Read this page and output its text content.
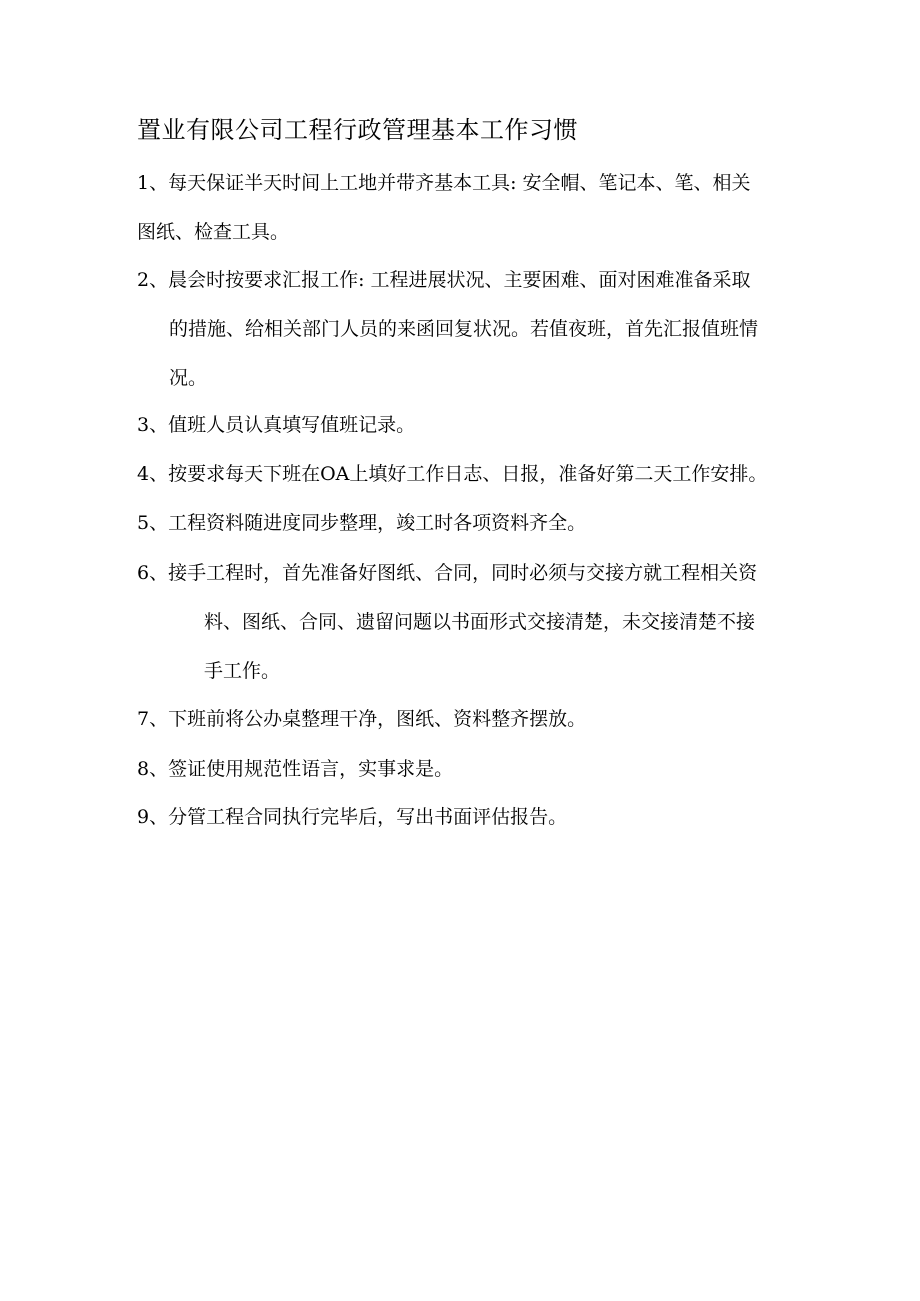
置业有限公司工程行政管理基本工作习惯
1、每天保证半天时间上工地并带齐基本工具: 安全帽、笔记本、笔、相关
图纸、检查工具。
2、晨会时按要求汇报工作: 工程进展状况、主要困难、面对困难准备采取
的措施、给相关部门人员的来函回复状况。若值夜班，首先汇报值班情
况。
3、值班人员认真填写值班记录。
4、按要求每天下班在OA上填好工作日志、日报，准备好第二天工作安排。
5、工程资料随进度同步整理，竣工时各项资料齐全。
6、接手工程时，首先准备好图纸、合同，同时必须与交接方就工程相关资
料、图纸、合同、遗留问题以书面形式交接清楚，未交接清楚不接
手工作。
7、下班前将公办桌整理干净，图纸、资料整齐摆放。
8、签证使用规范性语言，实事求是。
9、分管工程合同执行完毕后，写出书面评估报告。
